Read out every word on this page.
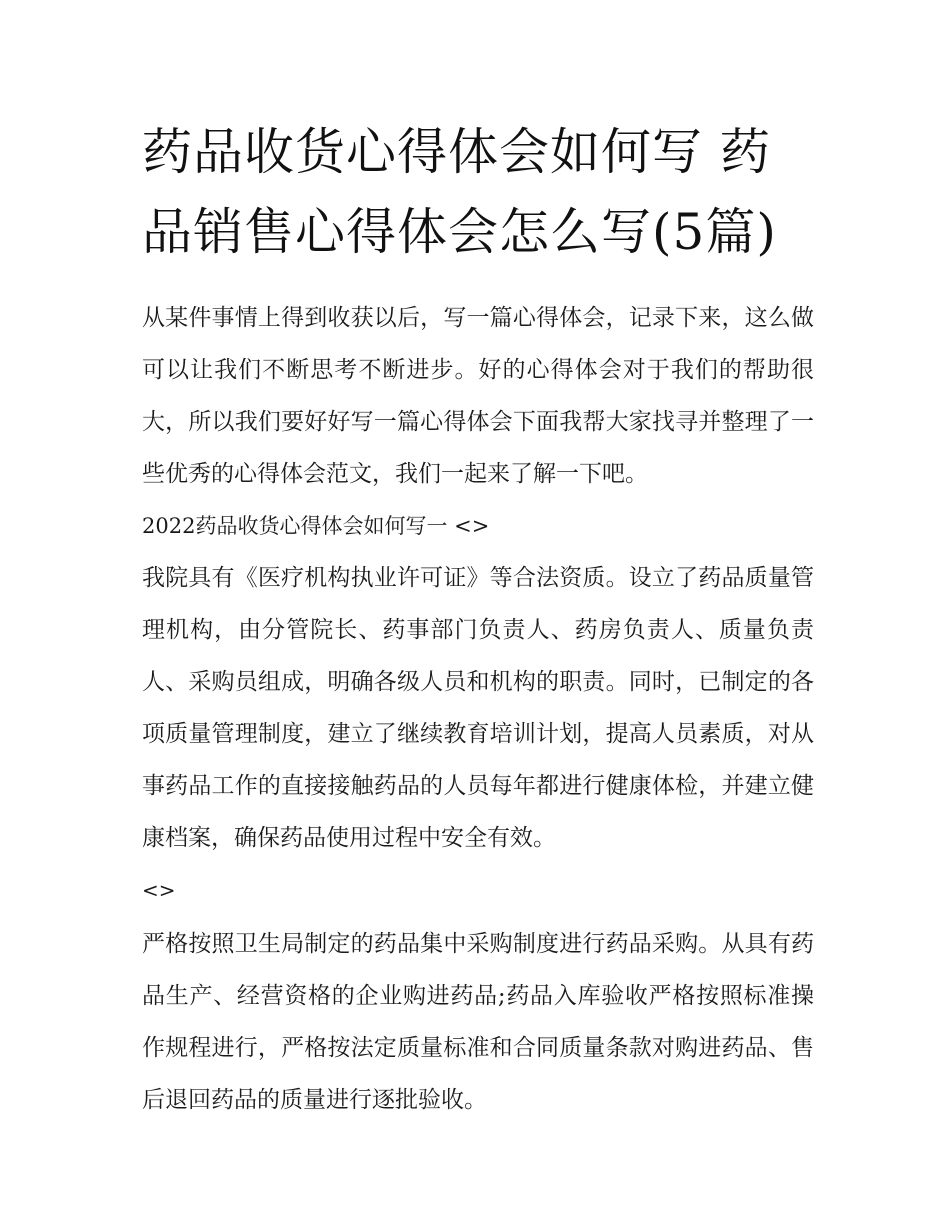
药品收货心得体会如何写 药品销售心得体会怎么写(5篇)

从某件事情上得到收获以后，写一篇心得体会，记录下来，这么做可以让我们不断思考不断进步。好的心得体会对于我们的帮助很大，所以我们要好好写一篇心得体会下面我帮大家找寻并整理了一些优秀的心得体会范文，我们一起来了解一下吧。

2022药品收货心得体会如何写一 <>

我院具有《医疗机构执业许可证》等合法资质。设立了药品质量管理机构，由分管院长、药事部门负责人、药房负责人、质量负责人、采购员组成，明确各级人员和机构的职责。同时，已制定的各项质量管理制度，建立了继续教育培训计划，提高人员素质，对从事药品工作的直接接触药品的人员每年都进行健康体检，并建立健康档案，确保药品使用过程中安全有效。

<>

严格按照卫生局制定的药品集中采购制度进行药品采购。从具有药品生产、经营资格的企业购进药品;药品入库验收严格按照标准操作规程进行，严格按法定质量标准和合同质量条款对购进药品、售后退回药品的质量进行逐批验收。
